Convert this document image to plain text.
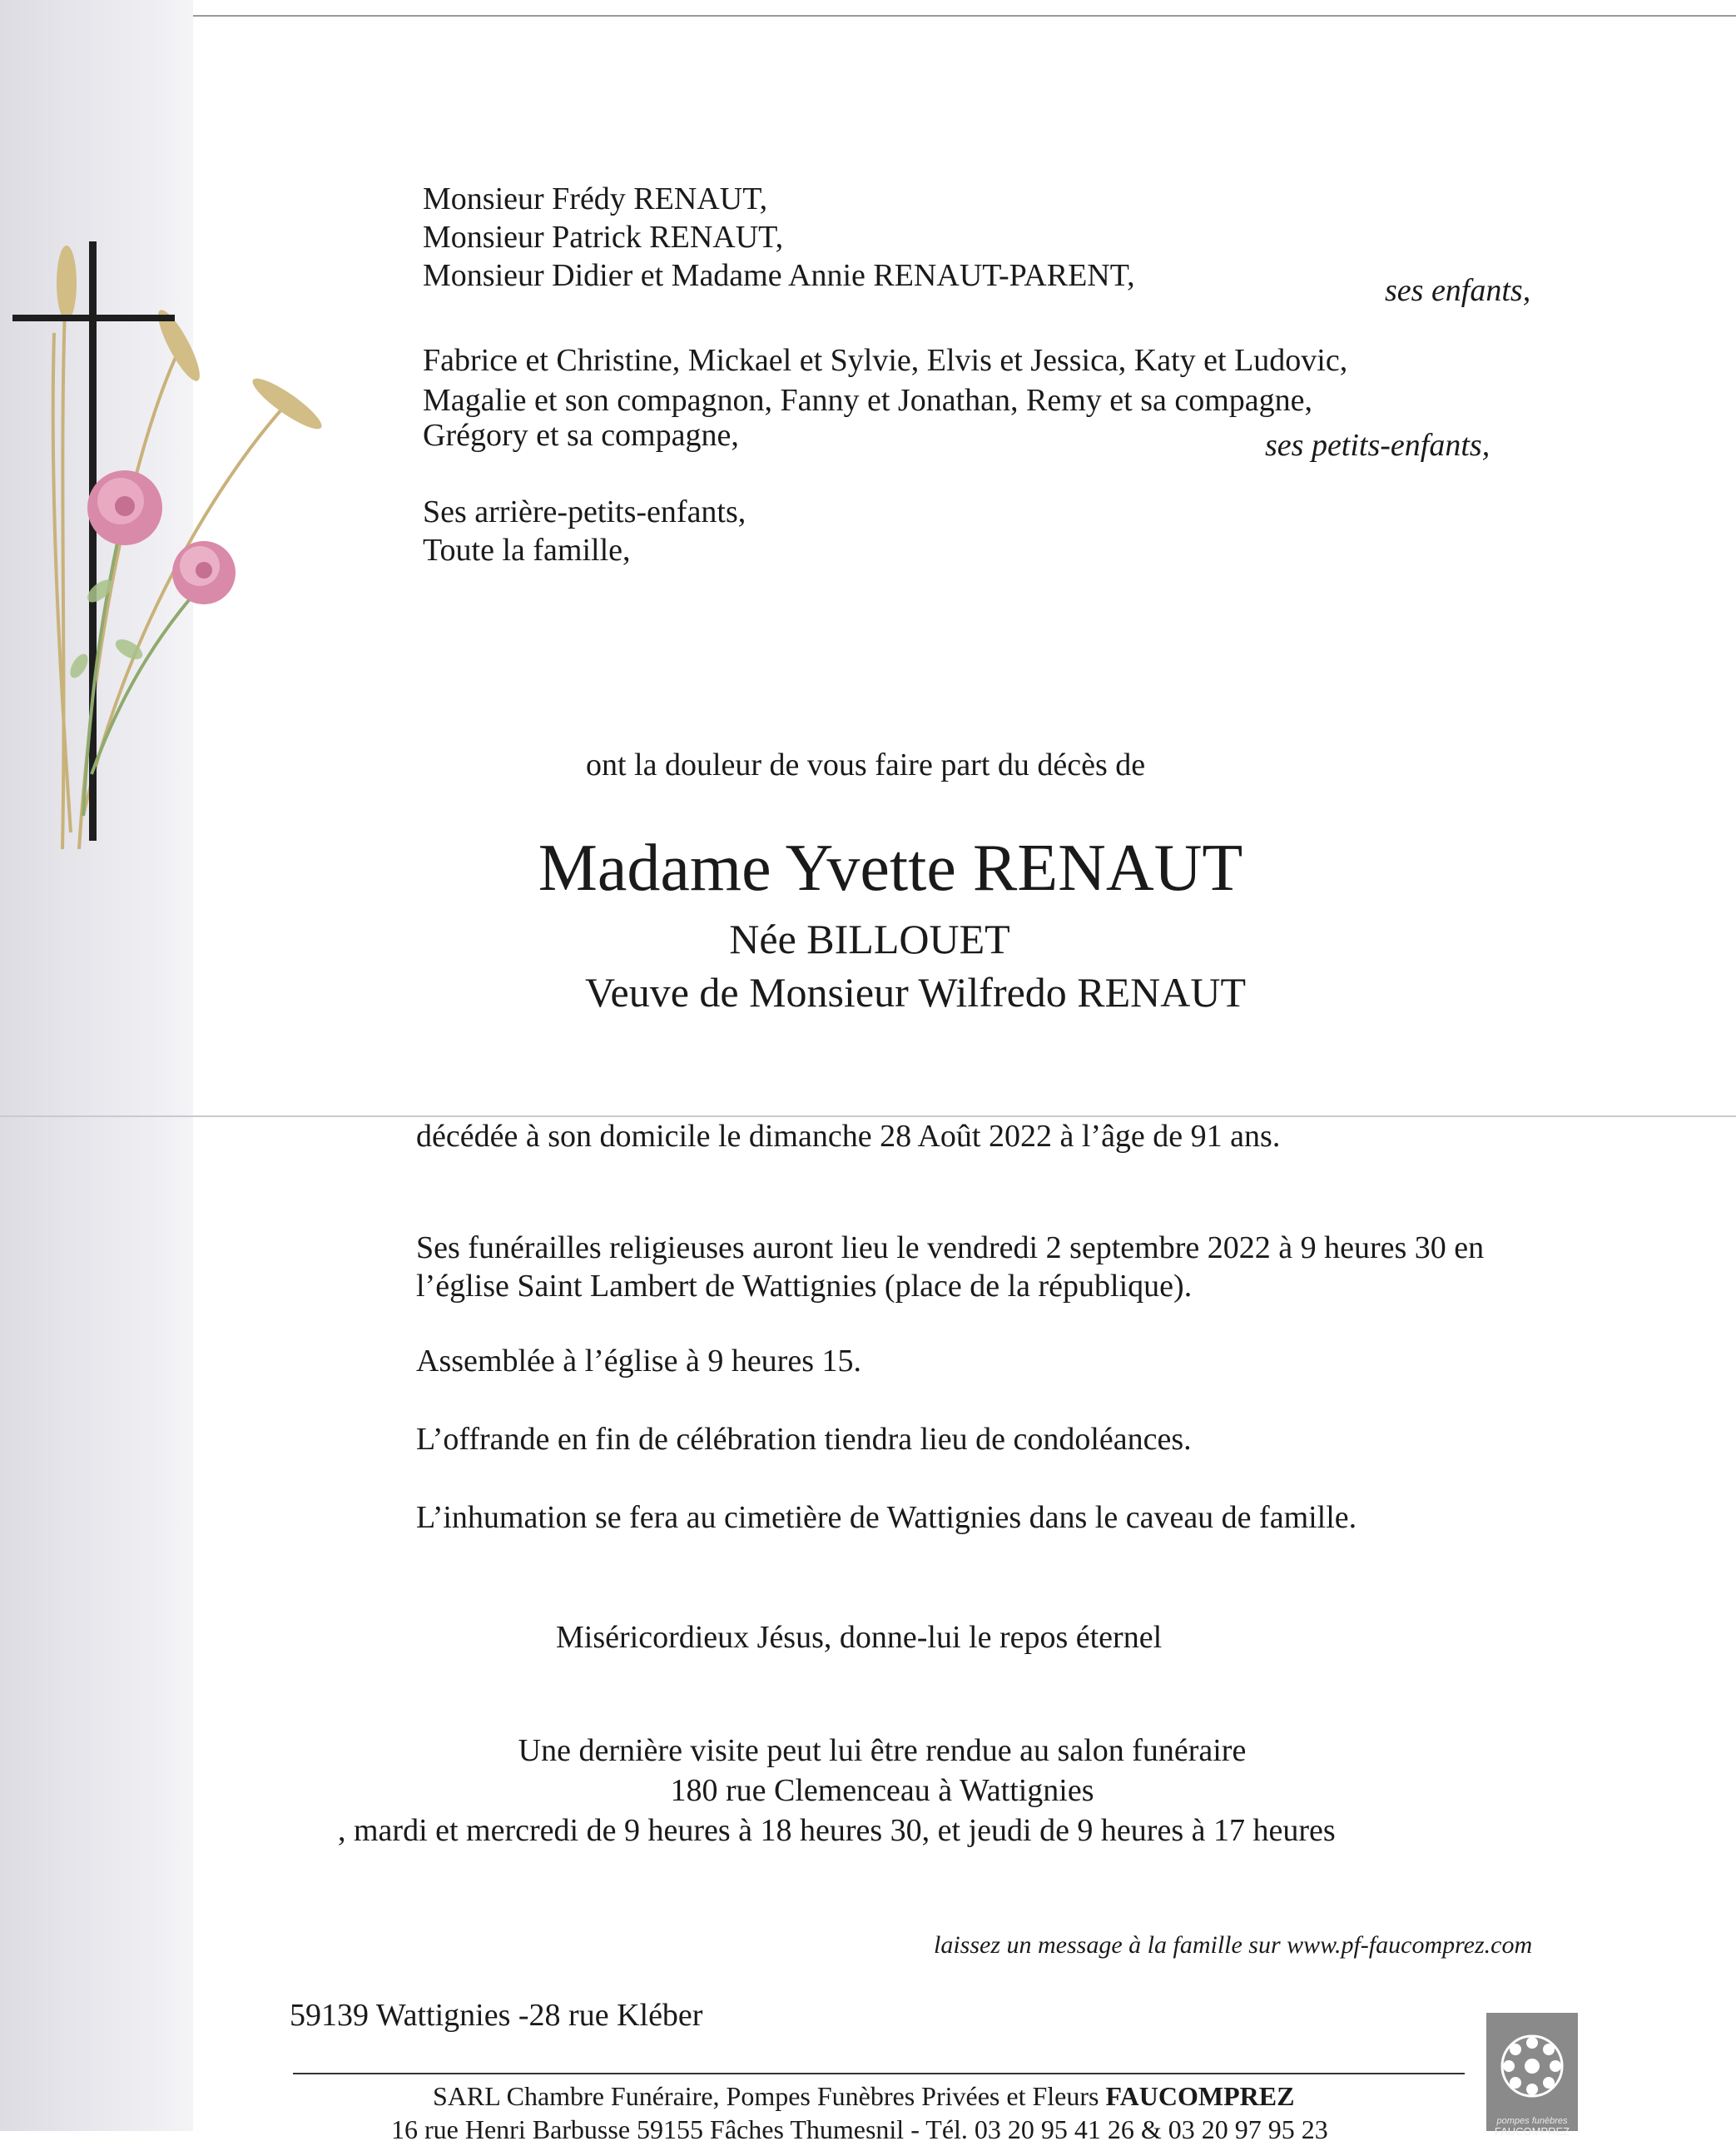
Monsieur Frédy RENAUT,
Monsieur Patrick RENAUT,
Monsieur Didier et Madame Annie RENAUT-PARENT,	ses enfants,
Fabrice et Christine, Mickael et Sylvie, Elvis et Jessica, Katy et Ludovic,
Magalie et son compagnon, Fanny et Jonathan, Remy et sa compagne,
Grégory et sa compagne,	ses petits-enfants,
Ses arrière-petits-enfants,
Toute la famille,
ont la douleur de vous faire part du décès de
Madame Yvette RENAUT
Née BILLOUET
Veuve de Monsieur Wilfredo RENAUT
décédée à son domicile le dimanche 28 Août 2022 à l’âge de 91 ans.
Ses funérailles religieuses auront lieu le vendredi 2 septembre 2022 à 9 heures 30 en
l’église Saint Lambert de Wattignies (place de la république).
Assemblée à l’église à 9 heures 15.
L’offrande en fin de célébration tiendra lieu de condoléances.
L’inhumation se fera au cimetière de Wattignies dans le caveau de famille.
Miséricordieux Jésus, donne-lui le repos éternel
Une dernière visite peut lui être rendue au salon funéraire
180 rue Clemenceau à Wattignies
, mardi et mercredi de 9 heures à 18 heures 30, et jeudi de 9 heures à 17 heures
laissez un message à la famille sur www.pf-faucomprez.com
59139 Wattignies -28 rue Kléber
SARL Chambre Funéraire, Pompes Funèbres Privées et Fleurs FAUCOMPREZ
16 rue Henri Barbusse 59155 Fâches Thumesnil - Tél. 03 20 95 41 26 & 03 20 97 95 23	pompes funèbres
FAUCOMPREZ
